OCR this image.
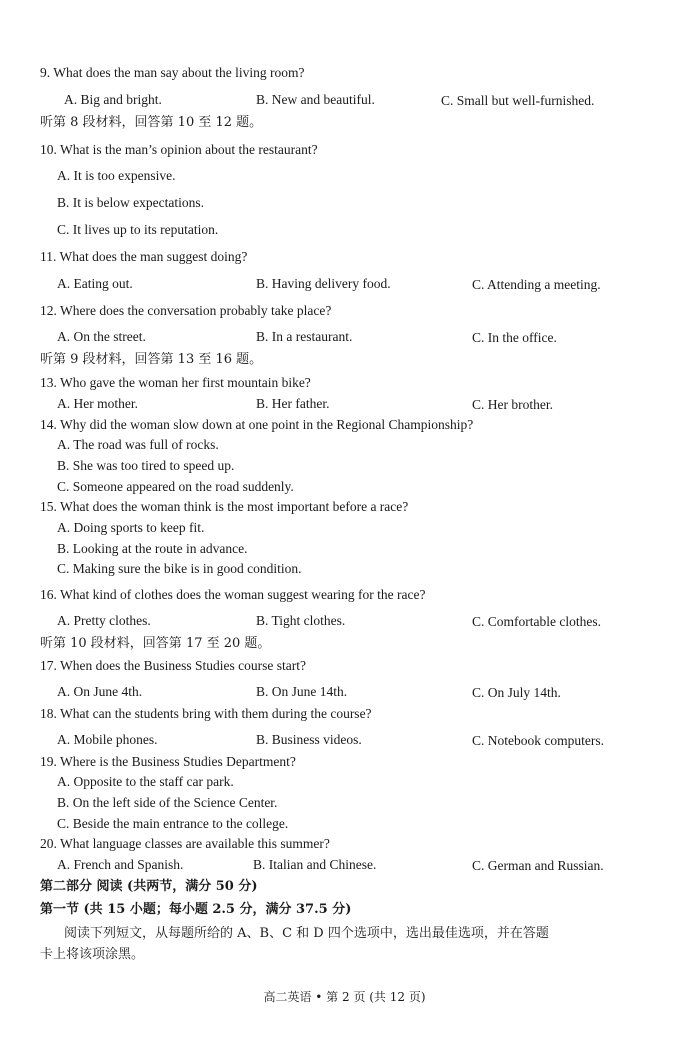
9. What does the man say about the living room?
A. Big and bright.	B. New and beautiful.	C. Small but well-furnished.
听第 8 段材料，回答第 10 至 12 题。
10. What is the man’s opinion about the restaurant?
A. It is too expensive.
B. It is below expectations.
C. It lives up to its reputation.
11. What does the man suggest doing?
A. Eating out.	B. Having delivery food.	C. Attending a meeting.
12. Where does the conversation probably take place?
A. On the street.	B. In a restaurant.	C. In the office.
听第 9 段材料，回答第 13 至 16 题。
13. Who gave the woman her first mountain bike?
A. Her mother.	B. Her father.	C. Her brother.
14. Why did the woman slow down at one point in the Regional Championship?
A. The road was full of rocks.
B. She was too tired to speed up.
C. Someone appeared on the road suddenly.
15. What does the woman think is the most important before a race?
A. Doing sports to keep fit.
B. Looking at the route in advance.
C. Making sure the bike is in good condition.
16. What kind of clothes does the woman suggest wearing for the race?
A. Pretty clothes.	B. Tight clothes.	C. Comfortable clothes.
听第 10 段材料，回答第 17 至 20 题。
17. When does the Business Studies course start?
A. On June 4th.	B. On June 14th.	C. On July 14th.
18. What can the students bring with them during the course?
A. Mobile phones.	B. Business videos.	C. Notebook computers.
19. Where is the Business Studies Department?
A. Opposite to the staff car park.
B. On the left side of the Science Center.
C. Beside the main entrance to the college.
20. What language classes are available this summer?
A. French and Spanish.	B. Italian and Chinese.	C. German and Russian.
第二部分 阅读 (共两节，满分 50 分)
第一节 (共 15 小题；每小题 2.5 分，满分 37.5 分)
阅读下列短文，从每题所给的 A、B、C 和 D 四个选项中，选出最佳选项，并在答题
卡上将该项涂黑。
高二英语 • 第 2 页 (共 12 页)
